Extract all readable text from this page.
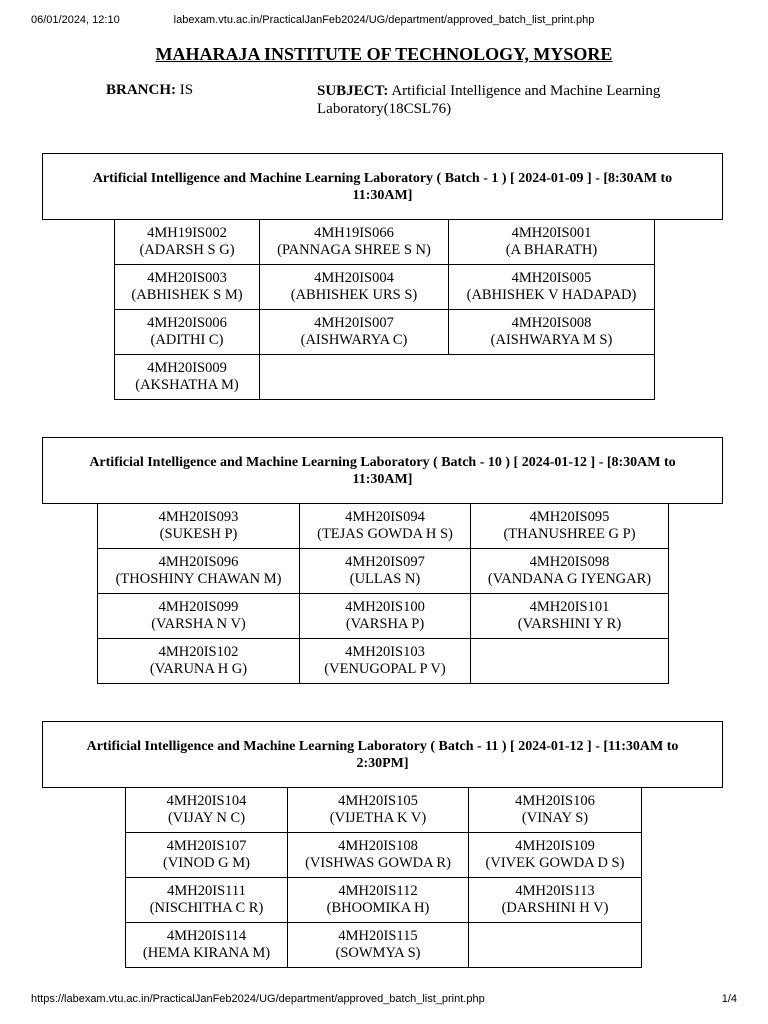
06/01/2024, 12:10	labexam.vtu.ac.in/PracticalJanFeb2024/UG/department/approved_batch_list_print.php
MAHARAJA INSTITUTE OF TECHNOLOGY, MYSORE
BRANCH: IS	SUBJECT: Artificial Intelligence and Machine Learning Laboratory(18CSL76)
Artificial Intelligence and Machine Learning Laboratory ( Batch - 1 ) [ 2024-01-09 ] - [8:30AM to 11:30AM]
4MH19IS002
(ADARSH S G)	4MH19IS066
(PANNAGA SHREE S N)	4MH20IS001
(A BHARATH)

4MH20IS003
(ABHISHEK S M)	4MH20IS004
(ABHISHEK URS S)	4MH20IS005
(ABHISHEK V HADAPAD)

4MH20IS006
(ADITHI C)	4MH20IS007
(AISHWARYA C)	4MH20IS008
(AISHWARYA M S)

4MH20IS009
(AKSHATHA M)		

Artificial Intelligence and Machine Learning Laboratory ( Batch - 10 ) [ 2024-01-12 ] - [8:30AM to 11:30AM]
4MH20IS093
(SUKESH P)	4MH20IS094
(TEJAS GOWDA H S)	4MH20IS095
(THANUSHREE G P)

4MH20IS096
(THOSHINY CHAWAN M)	4MH20IS097
(ULLAS N)	4MH20IS098
(VANDANA G IYENGAR)

4MH20IS099
(VARSHA N V)	4MH20IS100
(VARSHA P)	4MH20IS101
(VARSHINI Y R)

4MH20IS102
(VARUNA H G)	4MH20IS103
(VENUGOPAL P V)	

Artificial Intelligence and Machine Learning Laboratory ( Batch - 11 ) [ 2024-01-12 ] - [11:30AM to 2:30PM]
4MH20IS104
(VIJAY N C)	4MH20IS105
(VIJETHA K V)	4MH20IS106
(VINAY S)

4MH20IS107
(VINOD G M)	4MH20IS108
(VISHWAS GOWDA R)	4MH20IS109
(VIVEK GOWDA D S)

4MH20IS111
(NISCHITHA C R)	4MH20IS112
(BHOOMIKA H)	4MH20IS113
(DARSHINI H V)

4MH20IS114
(HEMA KIRANA M)	4MH20IS115
(SOWMYA S)	

https://labexam.vtu.ac.in/PracticalJanFeb2024/UG/department/approved_batch_list_print.php	1/4
